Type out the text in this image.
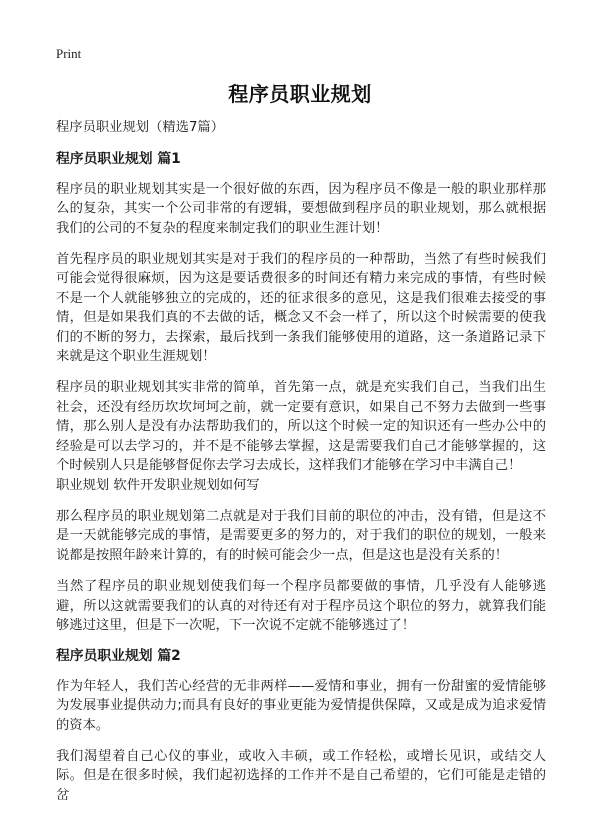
Print
程序员职业规划

程序员职业规划（精选7篇）

程序员职业规划 篇1

程序员的职业规划其实是一个很好做的东西，因为程序员不像是一般的职业那样那么的复杂，其实一个公司非常的有逻辑，要想做到程序员的职业规划，那么就根据我们的公司的不复杂的程度来制定我们的职业生涯计划！

首先程序员的职业规划其实是对于我们的程序员的一种帮助，当然了有些时候我们可能会觉得很麻烦，因为这是要话费很多的时间还有精力来完成的事情，有些时候不是一个人就能够独立的完成的，还的征求很多的意见，这是我们很难去接受的事情，但是如果我们真的不去做的话，概念又不会一样了，所以这个时候需要的使我们的不断的努力，去探索，最后找到一条我们能够使用的道路，这一条道路记录下来就是这个职业生涯规划！

程序员的职业规划其实非常的简单，首先第一点，就是充实我们自己，当我们出生社会，还没有经历坎坎坷坷之前，就一定要有意识，如果自己不努力去做到一些事情，那么别人是没有办法帮助我们的，所以这个时候一定的知识还有一些办公中的经验是可以去学习的，并不是不能够去掌握，这是需要我们自己才能够掌握的，这个时候别人只是能够督促你去学习去成长，这样我们才能够在学习中丰满自己！

职业规划 软件开发职业规划如何写

那么程序员的职业规划第二点就是对于我们目前的职位的冲击，没有错，但是这不是一天就能够完成的事情，是需要更多的努力的，对于我们的职位的规划，一般来说都是按照年龄来计算的，有的时候可能会少一点，但是这也是没有关系的！

当然了程序员的职业规划使我们每一个程序员都要做的事情，几乎没有人能够逃避，所以这就需要我们的认真的对待还有对于程序员这个职位的努力，就算我们能够逃过这里，但是下一次呢，下一次说不定就不能够逃过了！

程序员职业规划 篇2

作为年轻人，我们苦心经营的无非两样——爱情和事业，拥有一份甜蜜的爱情能够为发展事业提供动力;而具有良好的事业更能为爱情提供保障，又或是成为追求爱情的资本。

我们渴望着自己心仪的事业，或收入丰硕，或工作轻松，或增长见识，或结交人际。但是在很多时候，我们起初选择的工作并不是自己希望的，它们可能是走错的岔
